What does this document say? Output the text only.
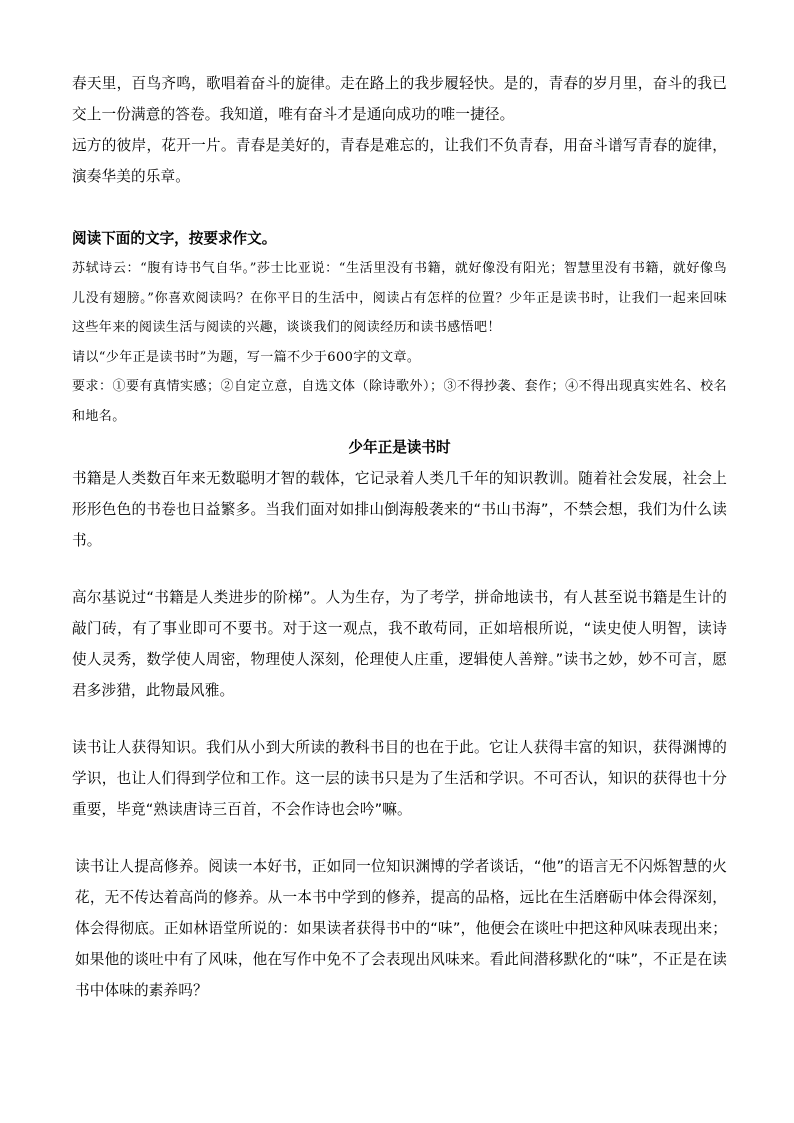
春天里，百鸟齐鸣，歌唱着奋斗的旋律。走在路上的我步履轻快。是的，青春的岁月里，奋斗的我已交上一份满意的答卷。我知道，唯有奋斗才是通向成功的唯一捷径。

远方的彼岸，花开一片。青春是美好的，青春是难忘的，让我们不负青春，用奋斗谱写青春的旋律，演奏华美的乐章。

阅读下面的文字，按要求作文。

苏轼诗云：“腹有诗书气自华。”莎士比亚说：“生活里没有书籍，就好像没有阳光；智慧里没有书籍，就好像鸟儿没有翅膀。”你喜欢阅读吗？在你平日的生活中，阅读占有怎样的位置？少年正是读书时，让我们一起来回味这些年来的阅读生活与阅读的兴趣，谈谈我们的阅读经历和读书感悟吧！

请以“少年正是读书时”为题，写一篇不少于600字的文章。

要求：①要有真情实感；②自定立意，自选文体（除诗歌外）；③不得抄袭、套作；④不得出现真实姓名、校名和地名。

少年正是读书时

书籍是人类数百年来无数聪明才智的载体，它记录着人类几千年的知识教训。随着社会发展，社会上形形色色的书卷也日益繁多。当我们面对如排山倒海般袭来的“书山书海”，不禁会想，我们为什么读书。

高尔基说过“书籍是人类进步的阶梯”。人为生存，为了考学，拼命地读书，有人甚至说书籍是生计的敲门砖，有了事业即可不要书。对于这一观点，我不敢苟同，正如培根所说，“读史使人明智，读诗使人灵秀，数学使人周密，物理使人深刻，伦理使人庄重，逻辑使人善辩。”读书之妙，妙不可言，愿君多涉猎，此物最风雅。

读书让人获得知识。我们从小到大所读的教科书目的也在于此。它让人获得丰富的知识，获得渊博的学识，也让人们得到学位和工作。这一层的读书只是为了生活和学识。不可否认，知识的获得也十分重要，毕竟“熟读唐诗三百首，不会作诗也会吟”嘛。

读书让人提高修养。阅读一本好书，正如同一位知识渊博的学者谈话，“他”的语言无不闪烁智慧的火花，无不传达着高尚的修养。从一本书中学到的修养，提高的品格，远比在生活磨砺中体会得深刻，体会得彻底。正如林语堂所说的：如果读者获得书中的“味”，他便会在谈吐中把这种风味表现出来；如果他的谈吐中有了风味，他在写作中免不了会表现出风味来。看此间潜移默化的“味”，不正是在读书中体味的素养吗？
